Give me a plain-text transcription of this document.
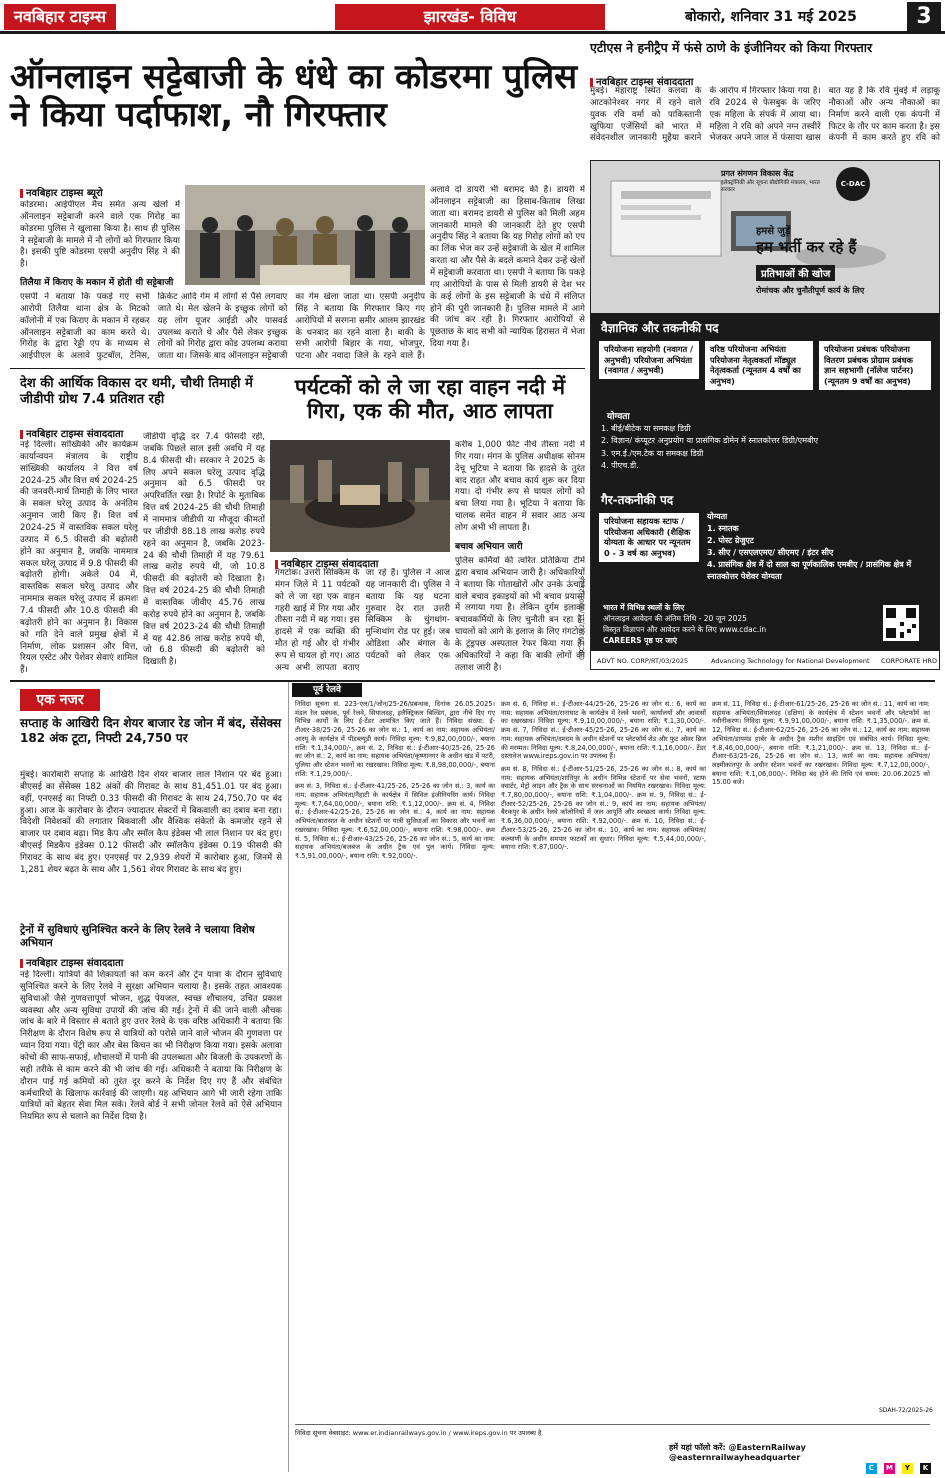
नवबिहार टाइम्स	झारखंड- विविध	बोकारो, शनिवार 31 मई 2025	3
ऑनलाइन सट्टेबाजी के धंधे का कोडरमा पुलिस ने किया पर्दाफाश, नौ गिरफ्तार
नवबिहार टाइम्स ब्यूरो
कोडरमा। आईपीएल मैच समेत अन्य खेलों में ऑनलाइन सट्टेबाजी करने वाले एक गिरोह का कोडरमा पुलिस ने खुलासा किया है। साथ ही पुलिस ने सट्टेबाजी के मामले में नौ लोगों को गिरफ्तार किया है। इसकी पुष्टि कोडरमा एसपी अनुदीप सिंह ने की है।
तिलैया में किराए के मकान में होती थी सट्टेबाजी
अलावे दो डायरी भी बरामद की है। डायरी में ऑनलाइन सट्टेबाजी का हिसाब-किताब लिखा जाता था। बरामद डायरी से पुलिस को मिली अहम जानकारी मामले की जानकारी देते हुए एसपी अनुदीप सिंह ने बताया कि यह गिरोह लोगों को एप का लिंक भेज कर उन्हें सट्टेबाजी के खेल में शामिल करता था और पैसे के बदले कमाने देकर उन्हें खेलों में सट्टेबाजी करवाता था। एसपी ने बताया कि पकड़े गए आरोपियों के पास से मिली डायरी से देश भर के कई लोगों के इस सट्टेबाजी के धंधे में संलिप्त होने की पूरी जानकारी है। पुलिस मामले में आगे की जांच कर रही है। गिरफ्तार आरोपियों से पूछताछ के बाद सभी को न्यायिक हिरासत में भेजा दिया गया है।
एसपी ने बताया कि पकड़े गए सभी आरोपी तिलैया थाना क्षेत्र के मिटको कॉलोनी में एक किराए के मकान में रहकर ऑनलाइन सट्टेबाजी का काम करते थे। गिरोह के द्वारा रेड्डी एप के माध्यम से आईपीएल के अलावे फुटबॉल, टेनिस, क्रिकेट आदि गेम में लोगों से पैसे लगवाए जाते थे। मेल खेलने के इच्छुक लोगों को यह लोग यूजर आईडी और पासवर्ड उपलब्ध कराते थे और पैसे लेकर इच्छुक लोगों को गिरोह द्वारा कोड उपलब्ध कराया जाता था। जिसके बाद ऑनलाइन सट्टेबाजी का गेम खेला जाता था। एसपी अनुदीप सिंह ने बताया कि गिरफ्तार किए गए आरोपियों में सरगना समीर आलम झारखंड के धनबाद का रहने वाला है। बाकी के सभी आरोपी बिहार के गया, भोजपुर, पटना और नवादा जिले के रहने वाले हैं।
एटीएस ने हनीट्रैप में फंसे ठाणे के इंजीनियर को किया गिरफ्तार
नवबिहार टाइम्स संवाददाता
मुंबई। महाराष्ट्र स्थित कलवा के आटकोनेश्वर नगर में रहने वाले युवक रवि वर्मा को पाकिस्तानी खुफिया एजेंसियों को भारत में संवेदनशील जानकारी मुहैया कराने के आरोप में गिरफ्तार किया गया है। रवि 2024 से फेसबुक के जरिए एक महिला के संपर्क में आया था। महिला ने रवि को अपने नग्न तस्वीरें भेजकर अपने जाल में फंसाया खास बात यह है कि रवि मुंबई में लड़ाकू नौकाओं और अन्य नौकाओं का निर्माण करने वाली एक कंपनी में फिटर के तौर पर काम करता है। इस कंपनी में काम करते हुए रवि को
देश की आर्थिक विकास दर थमी, चौथी तिमाही में जीडीपी ग्रोथ 7.4 प्रतिशत रही
नवबिहार टाइम्स संवाददाता
नई दिल्ली। सांख्यिकी और कार्यक्रम कार्यान्वयन मंत्रालय के राष्ट्रीय सांख्यिकी कार्यालय ने वित्त वर्ष 2024-25 और वित्त वर्ष 2024-25 की जनवरी-मार्च तिमाही के लिए भारत के सकल घरेलू उत्पाद के अनंतिम अनुमान जारी किए हैं। वित्त वर्ष 2024-25 में वास्तविक सकल घरेलू उत्पाद में 6.5 फीसदी की बढ़ोतरी होने का अनुमान है, जबकि नाममात्र सकल घरेलू उत्पाद में 9.8 फीसदी की बढ़ोतरी होगी। अकेले 04 में, वास्तविक सकल घरेलू उत्पाद और नाममात्र सकल घरेलू उत्पाद में क्रमशः 7.4 फीसदी और 10.8 फीसदी की बढ़ोतरी होने का अनुमान है। विकास को गति देने वाले प्रमुख क्षेत्रों में निर्माण, लोक प्रशासन और वित्त, रियल एस्टेट और पेशेवर सेवाएं शामिल हैं।
जीडीपी वृद्धि दर 7.4 फीसदी रही, जबकि पिछले साल इसी अवधि में यह 8.4 फीसदी थी। सरकार ने 2025 के लिए अपने सकल घरेलू उत्पाद वृद्धि अनुमान को 6.5 फीसदी पर अपरिवर्तित रखा है। रिपोर्ट के मुताबिक वित्त वर्ष 2024-25 की चौथी तिमाही में नाममात्र जीडीपी या मौजूदा कीमतों पर जीडीपी 88.18 लाख करोड़ रुपये रहने का अनुमान है, जबकि 2023-24 की चौथी तिमाही में यह 79.61 लाख करोड़ रुपये थी, जो 10.8 फीसदी की बढ़ोतरी को दिखाता है। वित्त वर्ष 2024-25 की चौथी तिमाही में वास्तविक जीवीए 45.76 लाख करोड़ रुपये होने का अनुमान है, जबकि वित्त वर्ष 2023-24 की चौथी तिमाही में यह 42.86 लाख करोड़ रुपये थी, जो 6.8 फीसदी की बढ़ोतरी को दिखाती है।
पर्यटकों को ले जा रहा वाहन नदी में गिरा, एक की मौत, आठ लापता
नवबिहार टाइम्स संवाददाता
गंगटोक। उत्तरी सिक्किम के मंगन जिले में 11 पर्यटकों को ले जा रहा एक वाहन गहरी खाई में गिर गया और तीस्ता नदी में बह गया। इस हादसे में एक व्यक्ति की मौत हो गई और दो गंभीर रूप से घायल हो गए। आठ अन्य अभी लापता बताए जा रहे हैं। पुलिस ने आज यह जानकारी दी। पुलिस ने बताया कि यह घटना गुरुवार देर रात उत्तरी सिक्किम के चुंगथांग-मुन्शिथांग रोड पर हुई। जब ओडिशा और बंगाल के पर्यटकों को लेकर एक
करीब 1,000 फीट नीचे तीस्ता नदी में गिर गया। मंगन के पुलिस अधीक्षक सोनम देचू भूटिया ने बताया कि हादसे के तुरंत बाद राहत और बचाव कार्य शुरू कर दिया गया। दो गंभीर रूप से घायल लोगों को बचा लिया गया है। भूटिया ने बताया कि चालक समेत वाहन में सवार आठ अन्य लोग अभी भी लापता हैं।
बचाव अभियान जारी
पुलिस कर्मियों की त्वरित प्रतिक्रिया टीमें द्वारा बचाव अभियान जारी है। अधिकारियों ने बताया कि गोताखोरों और उनके ऊंचाई वाले बचाव इकाइयों को भी बचाव प्रयासों में लगाया गया है। लेकिन दुर्गम इलाका बचावकर्मियों के लिए चुनौती बन रहा है। घायलों को आगे के इलाज के लिए गंगटोक के ट्रंड्रपछ अस्पताल रेफर किया गया है। अधिकारियों ने कहा कि बाकी लोगों की तलाश जारी है।
C-DAC
प्रगत संगणन विकास केंद्र
इलेक्ट्रॉनिकी और सूचना प्रौद्योगिकी मंत्रालय, भारत सरकार
हमसे जुड़ें
हम भर्ती कर रहे हैं
प्रतिभाओं की खोज
रोमांचक और चुनौतीपूर्ण कार्य के लिए
वैज्ञानिक और तकनीकी पद
परियोजना सहयोगी (नवागत / अनुभवी) परियोजना अभियंता (नवागत / अनुभवी)
वरिष्ठ परियोजना अभियंता परियोजना नेतृत्वकर्ता मॉड्यूल नेतृत्वकर्ता (न्यूनतम 4 वर्षों का अनुभव)
परियोजना प्रबंधक परियोजना वितरण प्रबंधक प्रोग्राम प्रबंधक ज्ञान सहभागी (नॉलेज पार्टनर) (न्यूनतम 9 वर्षों का अनुभव)
योग्यता
1. बीई/बीटेक या समकक्ष डिग्री
2. विज्ञान/ कंप्यूटर अनुप्रयोग या प्रासंगिक डोमेन में स्नातकोत्तर डिग्री/एमबीए
3. एम.ई./एम.टेक या समकक्ष डिग्री
4. पीएच.डी.
गैर-तकनीकी पद
परियोजना सहायक स्टाफ / परियोजना अधिकारी (शैक्षिक योग्यता के आधार पर न्यूनतम 0 - 3 वर्ष का अनुभव)
योग्यता
1. स्नातक
2. पोस्ट ग्रेजुएट
3. सीए / एसएलएमए/ सीएमए / इंटर सीए
4. प्रासंगिक क्षेत्र में दो साल का पूर्णकालिक एमबीए / प्रासंगिक क्षेत्र में स्नातकोत्तर पेशेवर योग्यता
भारत में विभिन्न स्थलों के लिए
ऑनलाइन आवेदन की अंतिम तिथि - 20 जून 2025
विस्तृत विज्ञापन और आवेदन करने के लिए www.cdac.in
CAREERS पृष्ठ पर जाएं
ADVT NO. CORP/RT/03/2025	Advancing Technology for National Development CORPORATE HRD
CBC 09132/11/0001/2526
एक नजर
सप्ताह के आखिरी दिन शेयर बाजार रेड जोन में बंद, सेंसेक्स 182 अंक टूटा, निफ्टी 24,750 पर
मुंबई। कारोबारी सप्ताह के आखिरी दिन शेयर बाजार लाल निशान पर बंद हुआ। बीएसई का सेंसेक्स 182 अंकों की गिरावट के साथ 81,451.01 पर बंद हुआ। वहीं, एनएसई का निफ्टी 0.33 फीसदी की गिरावट के साथ 24,750.70 पर बंद हुआ। आज के कारोबार के दौरान ज्यादातर सेक्टरों में बिकवाली का दबाव बना रहा। विदेशी निवेशकों की लगातार बिकवाली और वैश्विक संकेतों के कमजोर रहने से बाजार पर दबाव बढ़ा। मिड कैप और स्मॉल कैप इंडेक्स भी लाल निशान पर बंद हुए। बीएसई मिडकैप इंडेक्स 0.12 फीसदी और स्मॉलकैप इंडेक्स 0.19 फीसदी की गिरावट के साथ बंद हुए। एनएसई पर 2,939 शेयरों में कारोबार हुआ, जिनमें से 1,281 शेयर बढ़त के साथ और 1,561 शेयर गिरावट के साथ बंद हुए।
ट्रेनों में सुविधाएं सुनिश्चित करने के लिए रेलवे ने चलाया विशेष अभियान
नवबिहार टाइम्स संवाददाता
नई दिल्ली। यात्रियों की शिकायतों को कम करने और ट्रेन यात्रा के दौरान सुविधाएं सुनिश्चित करने के लिए रेलवे ने सुरक्षा अभियान चलाया है। इसके तहत आवश्यक सुविधाओं जैसे गुणवत्तापूर्ण भोजन, शुद्ध पेयजल, स्वच्छ शौचालय, उचित प्रकाश व्यवस्था और अन्य सुविधा उपायों की जांच की गई। ट्रेनों में की जाने वाली औचक जांच के बारे में विस्तार से बताते हुए उत्तर रेलवे के एक वरिष्ठ अधिकारी ने बताया कि निरीक्षण के दौरान विशेष रूप से यात्रियों को परोसे जाने वाले भोजन की गुणवत्ता पर ध्यान दिया गया। पेंट्री कार और बेस किचन का भी निरीक्षण किया गया। इसके अलावा कोचों की साफ-सफाई, शौचालयों में पानी की उपलब्धता और बिजली के उपकरणों के सही तरीके से काम करने की भी जांच की गई। अधिकारी ने बताया कि निरीक्षण के दौरान पाई गई कमियों को तुरंत दूर करने के निर्देश दिए गए हैं और संबंधित कर्मचारियों के खिलाफ कार्रवाई की जाएगी। यह अभियान आगे भी जारी रहेगा ताकि यात्रियों को बेहतर सेवा मिल सके। रेलवे बोर्ड ने सभी जोनल रेलवे को ऐसे अभियान नियमित रूप से चलाने का निर्देश दिया है।
पूर्व रेलवे

निविदा सूचना सं. 223-एल/1/जोन/25-26/प्रबन्धक, दिनांक 26.05.2025। मंडल रेल प्रबंधक, पूर्व रेलवे, सियालदह, इलैक्ट्रिकल बिल्डिंग, द्वारा नीचे दिए गए विभिन्न कार्यों के लिए ई-टेंडर आमंत्रित किए जाते हैं। निविदा संख्या: ई-टीआर-38/25-26, 25-26 का जोन सं.: 1, कार्य का नाम: सहायक अभियंता/आरयू के कार्यक्षेत्र में पीडब्ल्यूडी कार्य। निविदा मूल्य: ₹.9,82,00,000/-, बयाना राशि: ₹.1,34,000/-, क्रम सं. 2, निविदा सं.: ई-टीआर-40/25-26, 25-26 का जोन सं.: 2, कार्य का नाम: सहायक अभियंता/कृष्णानगर के अधीन खंड में पटरी, पुलिया और स्टेशन भवनों का रखरखाव। निविदा मूल्य: ₹.8,98,00,000/-, बयाना राशि: ₹.1,29,000/-.

क्रम सं. 3, निविदा सं.: ई-टीआर-41/25-26, 25-26 का जोन सं.: 3, कार्य का नाम: सहायक अभियंता/नैहाटी के कार्यक्षेत्र में सिविल इंजीनियरिंग कार्य। निविदा मूल्य: ₹.7,64,00,000/-, बयाना राशि: ₹.1,12,000/-. क्रम सं. 4, निविदा सं.: ई-टीआर-42/25-26, 25-26 का जोन सं.: 4, कार्य का नाम: सहायक अभियंता/बारासात के अधीन स्टेशनों पर यात्री सुविधाओं का विकास और भवनों का रखरखाव। निविदा मूल्य: ₹.6,52,00,000/-, बयाना राशि: ₹.98,000/-. क्रम सं. 5, निविदा सं.: ई-टीआर-43/25-26, 25-26 का जोन सं.: 5, कार्य का नाम: सहायक अभियंता/बजबज के अधीन ट्रैक एवं पुल कार्य। निविदा मूल्य: ₹.5,91,00,000/-, बयाना राशि: ₹.92,000/-.

क्रम सं. 6, निविदा सं.: ई-टीआर-44/25-26, 25-26 का जोन सं.: 6, कार्य का नाम: सहायक अभियंता/रानाघाट के कार्यक्षेत्र में रेलवे भवनों, कार्यालयों और आवासों का रखरखाव। निविदा मूल्य: ₹.9,10,00,000/-, बयाना राशि: ₹.1,30,000/-. क्रम सं. 7, निविदा सं.: ई-टीआर-45/25-26, 25-26 का जोन सं.: 7, कार्य का नाम: सहायक अभियंता/दमदम के अधीन स्टेशनों पर प्लेटफॉर्म शेड और फुट ओवर ब्रिज की मरम्मत। निविदा मूल्य: ₹.8,24,00,000/-, बयाना राशि: ₹.1,16,000/-. टेंडर दस्तावेज www.ireps.gov.in पर उपलब्ध हैं।

क्रम सं. 8, निविदा सं.: ई-टीआर-51/25-26, 25-26 का जोन सं.: 8, कार्य का नाम: सहायक अभियंता/शांतिपुर के अधीन विभिन्न स्टेशनों पर सेवा भवनों, स्टाफ क्वार्टर, मेट्रो लाइन और ट्रैक के साथ संरचनाओं का नियमित रखरखाव। निविदा मूल्य: ₹.7,80,00,000/-, बयाना राशि: ₹.1,04,000/-. क्रम सं. 9, निविदा सं.: ई-टीआर-52/25-26, 25-26 का जोन सं.: 9, कार्य का नाम: सहायक अभियंता/बैरकपुर के अधीन रेलवे कॉलोनियों में जल आपूर्ति और स्वच्छता कार्य। निविदा मूल्य: ₹.6,36,00,000/-, बयाना राशि: ₹.92,000/-. क्रम सं. 10, निविदा सं.: ई-टीआर-53/25-26, 25-26 का जोन सं.: 10, कार्य का नाम: सहायक अभियंता/कल्याणी के अधीन समपार फाटकों का सुधार। निविदा मूल्य: ₹.5,44,00,000/-, बयाना राशि: ₹.87,000/-.

क्रम सं. 11, निविदा सं.: ई-टीआर-61/25-26, 25-26 का जोन सं.: 11, कार्य का नाम: सहायक अभियंता/सियालदह (दक्षिण) के कार्यक्षेत्र में स्टेशन भवनों और प्लेटफॉर्म का नवीनीकरण। निविदा मूल्य: ₹.9,91,00,000/-, बयाना राशि: ₹.1,35,000/-. क्रम सं. 12, निविदा सं.: ई-टीआर-62/25-26, 25-26 का जोन सं.: 12, कार्य का नाम: सहायक अभियंता/डायमंड हार्बर के अधीन ट्रैक मशीन साइडिंग एवं संबंधित कार्य। निविदा मूल्य: ₹.8,46,00,000/-, बयाना राशि: ₹.1,21,000/-. क्रम सं. 13, निविदा सं.: ई-टीआर-63/25-26, 25-26 का जोन सं.: 13, कार्य का नाम: सहायक अभियंता/लक्ष्मीकांतपुर के अधीन स्टेशन भवनों का रखरखाव। निविदा मूल्य: ₹.7,12,00,000/-, बयाना राशि: ₹.1,06,000/-. निविदा बंद होने की तिथि एवं समय: 20.06.2025 को 15.00 बजे।

SDAH-72/2025-26
निविदा सूचना वेबसाइट: www.er.indianrailways.gov.in / www.ireps.gov.in पर उपलब्ध है
हमें यहां फॉलो करें: @EasternRailway @easternrailwayheadquarter
C M Y K
